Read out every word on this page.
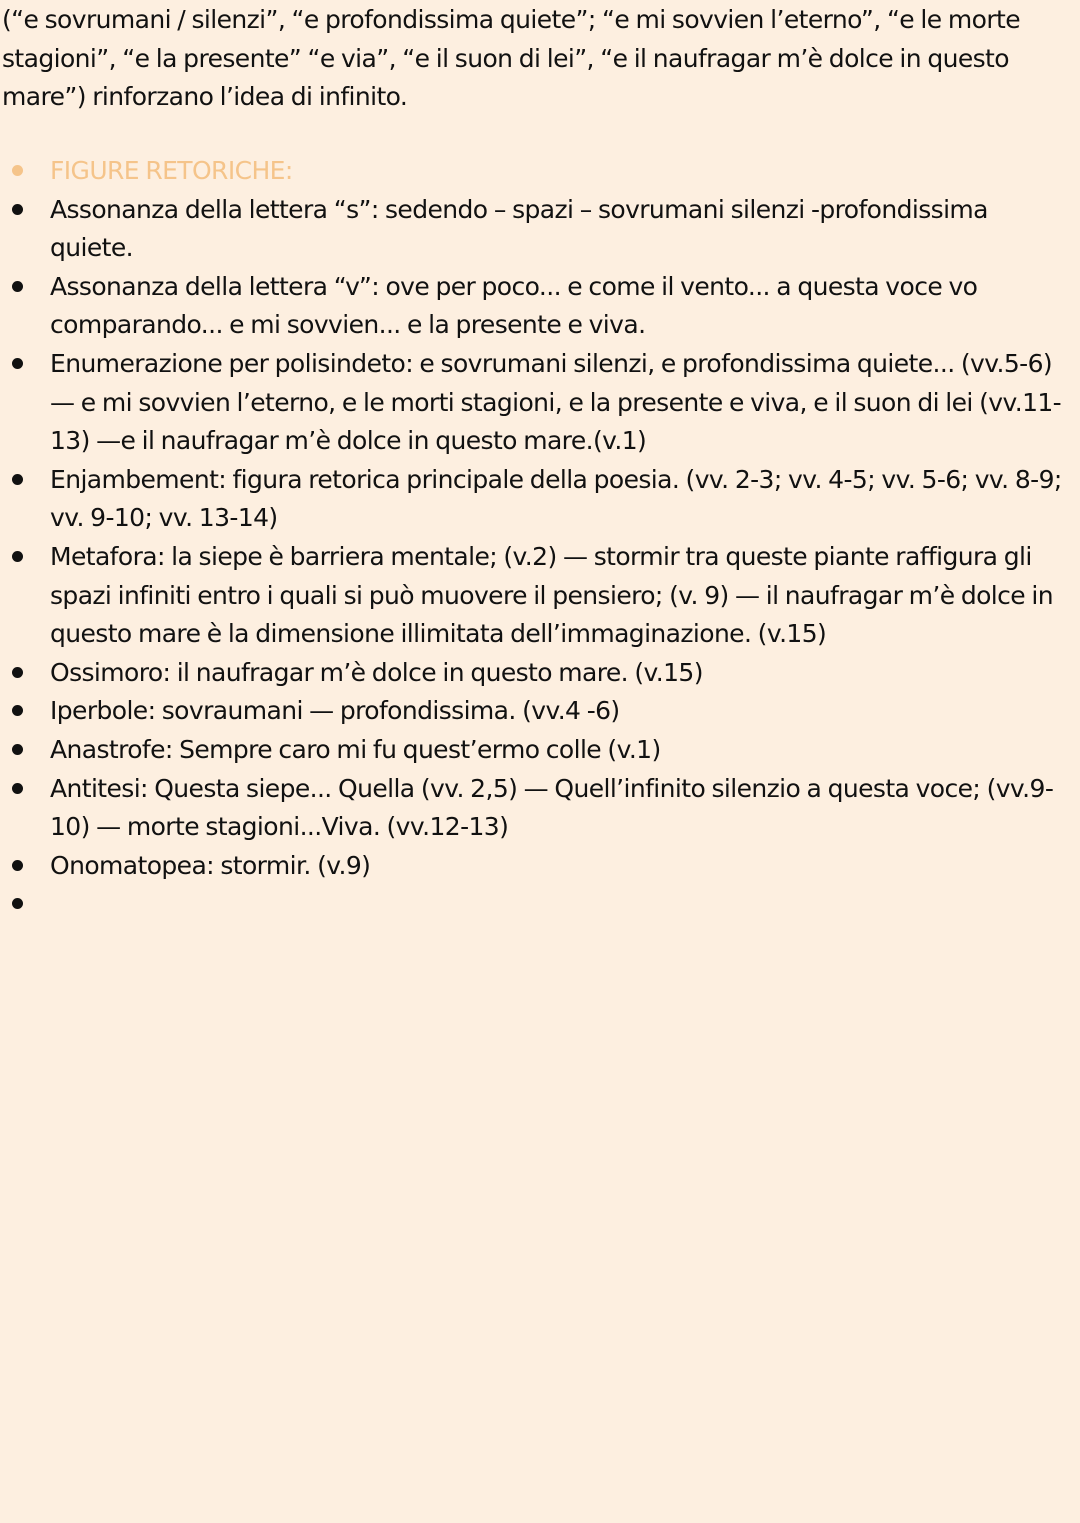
(“e sovrumani / silenzi”, “e profondissima quiete”; “e mi sovvien l’eterno”, “e le morte stagioni”, “e la presente” “e via”, “e il suon di lei”, “e il naufragar m’è dolce in questo mare”) rinforzano l’idea di infinito.

FIGURE RETORICHE:
Assonanza della lettera “s”: sedendo – spazi – sovrumani silenzi -profondissima quiete.
Assonanza della lettera “v”: ove per poco... e come il vento... a questa voce vo comparando... e mi sovvien... e la presente e viva.
Enumerazione per polisindeto: e sovrumani silenzi, e profondissima quiete... (vv.5-6) — e mi sovvien l’eterno, e le morti stagioni, e la presente e viva, e il suon di lei (vv.11-13) —e il naufragar m’è dolce in questo mare.(v.1)
Enjambement: figura retorica principale della poesia. (vv. 2-3; vv. 4-5; vv. 5-6; vv. 8-9; vv. 9-10; vv. 13-14)
Metafora: la siepe è barriera mentale; (v.2) — stormir tra queste piante raffigura gli spazi infiniti entro i quali si può muovere il pensiero; (v. 9) — il naufragar m’è dolce in questo mare è la dimensione illimitata dell’immaginazione. (v.15)
Ossimoro: il naufragar m’è dolce in questo mare. (v.15)
Iperbole: sovraumani — profondissima. (vv.4 -6)
Anastrofe: Sempre caro mi fu quest’ermo colle (v.1)
Antitesi: Questa siepe... Quella (vv. 2,5) — Quell’infinito silenzio a questa voce; (vv.9-10) — morte stagioni...Viva. (vv.12-13)
Onomatopea: stormir. (v.9)
